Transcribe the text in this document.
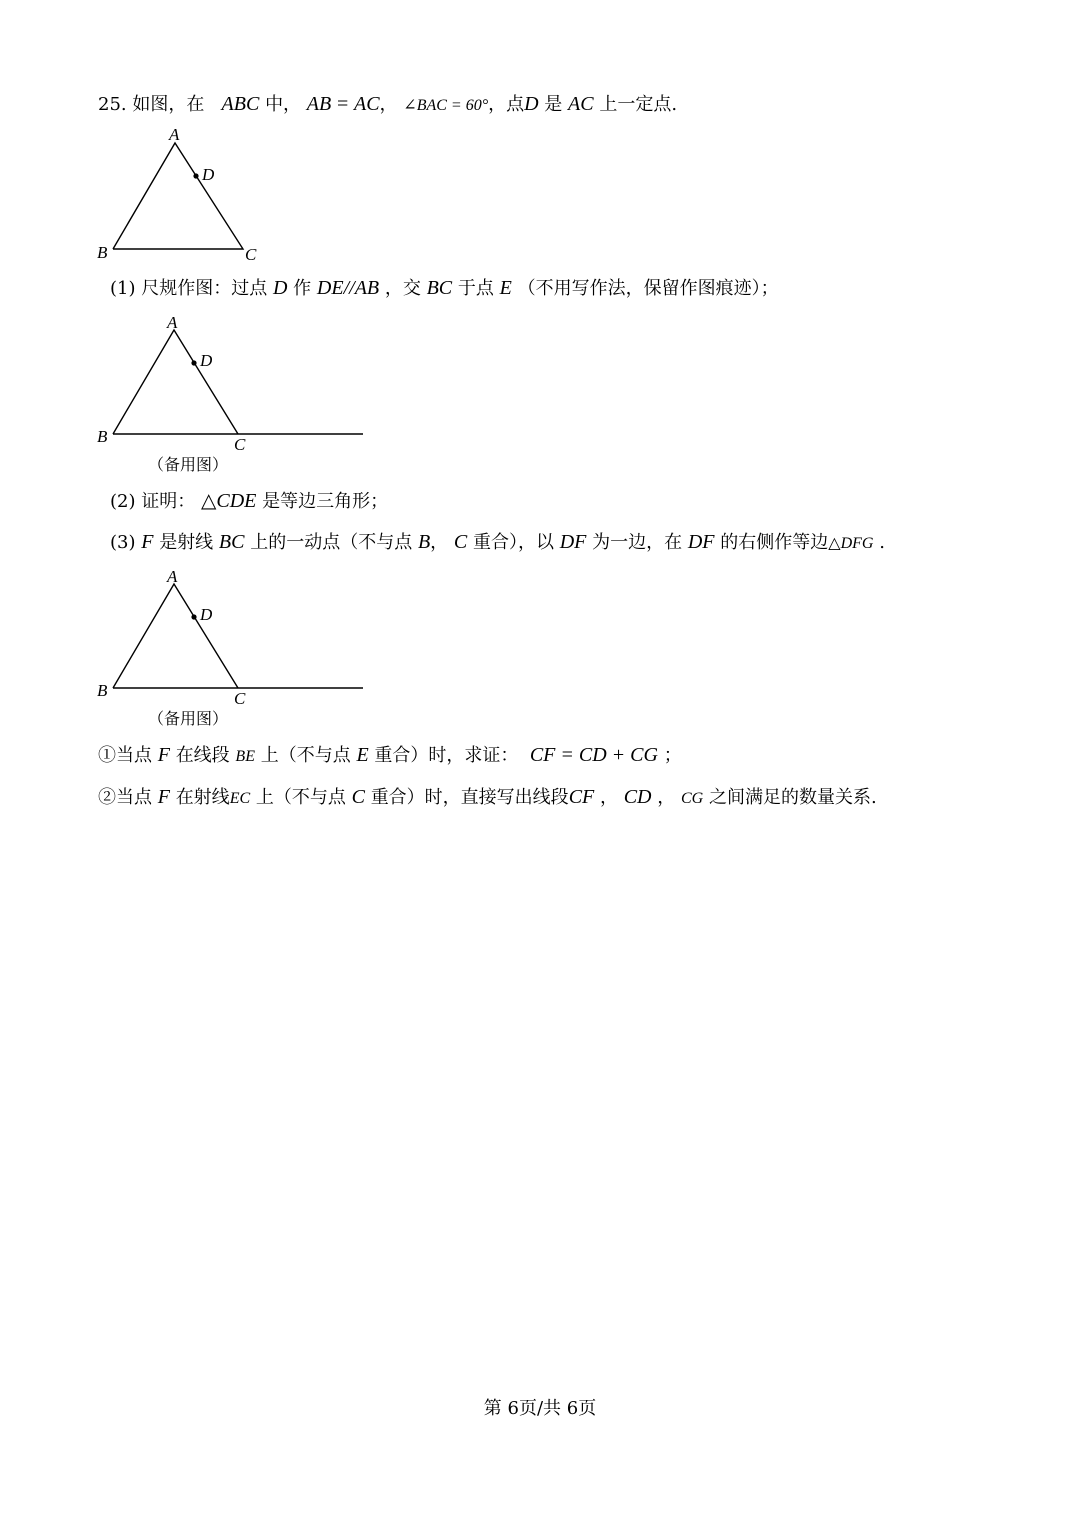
25. 如图，在 ABC 中， AB = AC， ∠BAC = 60°，点D 是 AC 上一定点.
A
B	C
D
(1) 尺规作图：过点 D 作 DE//AB ，交 BC 于点 E （不用写作法，保留作图痕迹）；
A
B	C
D
（备用图）
(2) 证明： △CDE 是等边三角形；
(3) F 是射线 BC 上的一动点（不与点 B， C 重合），以 DF 为一边，在 DF 的右侧作等边△DFG .
A
B	C
D
（备用图）
①当点 F 在线段 BE 上（不与点 E 重合）时，求证： CF = CD + CG ；
②当点 F 在射线EC 上（不与点 C 重合）时，直接写出线段CF ， CD ， CG 之间满足的数量关系.
第 6页/共 6页
